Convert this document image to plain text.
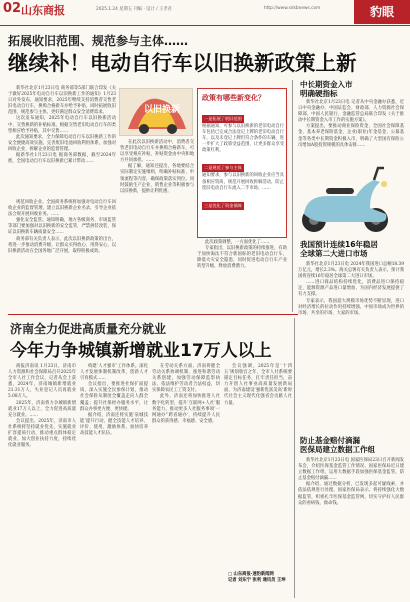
02 山东商报	2025.1.24 星期五 刊编 · 设计 / 王孝君	http://www.sdsbnews.com	豹眼
拓展收旧范围、规范参与主体……
继续补！电动自行车以旧换新政策上新

新华社北京1月23日电 商务部等5部门联合印发《关于做好2025年电动自行车以旧换新工作的通知》1月23日对外发布，通知要求，2025年继续支持消费者交售老旧电动自行车，换购合格新车并给予补贴，同时拓展收旧范围、规范参与主体，更好满足群众安全消费需求。

这次发布通知，2025年电动自行车以旧换新活动中，交售换新的补贴标准，根据交售老旧电动自行车的类型相应给予补贴，其中交售……

此次通知要求，全力保障电动自行车以旧换新工作的安全便捷高效实施。完善废旧电池回收利用体系，加强对回收企业、拆解企业的监督管理。

据新华社1月23日电 据商务部数据，截至2024年底，全国电动自行车以旧换新已累计带动……

规范回收企业。全国商务系统将加强对电动自行车回收企业的监督管理，建立以旧换新企业名录，引导企业依法合规开展回收业务。……

强化安全监管。通知明确，地方各级商务、市场监管等部门要加强对以旧换新的安全监管，严禁拼装改装，保证以旧换新车辆质量安全……

商务部有关负责人表示，此次以旧换新政策的出台，将进一步推动消费升级，让群众买得放心、用得安心，以旧换新活动在全国各地广泛开展，取得积极成效。

以旧换新
政策有哪些新变化？
一是拓展了收旧范围

根据通知，可参与以旧换新的老旧电动自行车包括已完成合法登记上牌的老旧电动自行车，以及未登记上牌但符合条件的车辆，进一步扩大了政策受益范围，让更多群众享受政策红利。

二是规范了参与主体

通知要求，参与以旧换新的回收企业应当具备相应资质，规范开展回收拆解活动，防止废旧电动自行车流入二手市场；……

三是优化了资金保障

在此次以旧换新活动中，消费者交售老旧电动自行车并换购合格新车，可以享受相应补贴，补贴资金由中央和地方共同承担。……

据了解，通知还提出，各地要结合实际制定实施细则，明确补贴标准、申领流程等内容，确保政策落实到位。同时鼓励生产企业、销售企业等积极参与以旧换新，提供让利优惠。

此次政策调整，一方面优化了……

专家指出，以旧换新政策的持续推进，有助于加快淘汰不符合新国标的老旧电动自行车，降低火灾安全隐患，同时促进电动自行车产业转型升级，释放消费潜力。

中长期资金入市
明确硬指标

新华社北京1月23日电 记者从中央金融办获悉，近日中央金融办、中国证监会、财政部、人力资源社会保障部、中国人民银行、金融监管总局联合印发《关于推动中长期资金入市工作的实施方案》。

方案提出，要推动商业保险资金、全国社会保障基金、基本养老保险基金、企业(职业)年金基金、公募基金等各类中长期资金积极入市，明确了大型国有保险公司增加A股投资规模的具体安排……

我国预计连续16年稳居
全球第二大进口市场

新华社北京1月23日电 2024年我国进口总额18.39万亿元，增长2.3%。海关总署有关负责人表示，预计我国将连续16年稳居全球第二大进口市场。

……进口商品结构持续优化，消费品进口保持稳定，能源资源产品进口量增加，为国内经济发展提供了有力支撑。

专家表示，我国超大规模市场优势不断显现，进口对经济增长的拉动作用持续增强，中国市场成为世界的市场、共享的市场、大家的市场。

防止基金赔付滴漏
医保局建立数据工作组

新华社北京1月23日电 国家医保局23日召开新闻发布会，介绍医保基金监管工作情况。国家医保局近日建立数据工作组，运用大数据手段加强医保基金监管，防止基金赔付滴漏……

据介绍，通过数据分析，已发现多起可疑线索，并依法依规进行处理。国家医保局表示，将持续强化大数据监管，织密扎牢医保基金监管网，切实守护好人民群众的看病钱、救命钱。

济南全力促进高质量充分就业
今年力争城镇新增就业17万人以上

商报济南讯 1月23日，济南市人力资源和社会保障局召开2025年全市人社工作会议，记者从会上获悉，2024年，济南城镇新增就业21.31万人，失业登记人员再就业5.08万人。

2025年，济南将力争城镇新增就业17万人以上，全力促进高质量充分就业。……

会议提出，2025年，济南市人社系统将坚持就业优先，实施就业扩容提质行动，推动重点群体稳定就业，加大创业扶持力度，持续优化就业服务。

构建‘人才强市’工作体系。深化人才发展体制机制改革，创新人才引育模式……

会议指出，要推进社保扩面提质，深入实施全民参保计划，推动社会保险从制度全覆盖走向人群全覆盖；提升社保经办服务水平，让群众办事更方便、更快捷。

据介绍，济南还将实施‘泉城技能’提升行动，健全技能人才培养、评价、使用、激励体系，加快培养高技能人才队伍。

在劳动关系方面，济南将健全劳动关系协调机制，推进和谐劳动关系创建，加强劳动保障监察执法，依法维护劳动者合法权益，切实保障农民工工资支付。

此外，济南还将加快推进人社数字化转型，提升‘互联网+人社’服务能力，推动更多人社服务事项‘一网通办’‘跨省通办’，持续提升人民群众的获得感、幸福感、安全感。

会议强调，2025年是‘十四五’规划收官之年，全市人社系统要锚定目标任务，扛牢责任担当，奋力开创人社事业高质量发展新局面，为济南建设‘强新优富美高’新时代社会主义现代化强省会贡献人社力量。

□ 山东商报·速豹新闻网
记者 刘东宁 张利 通讯员 王坤
